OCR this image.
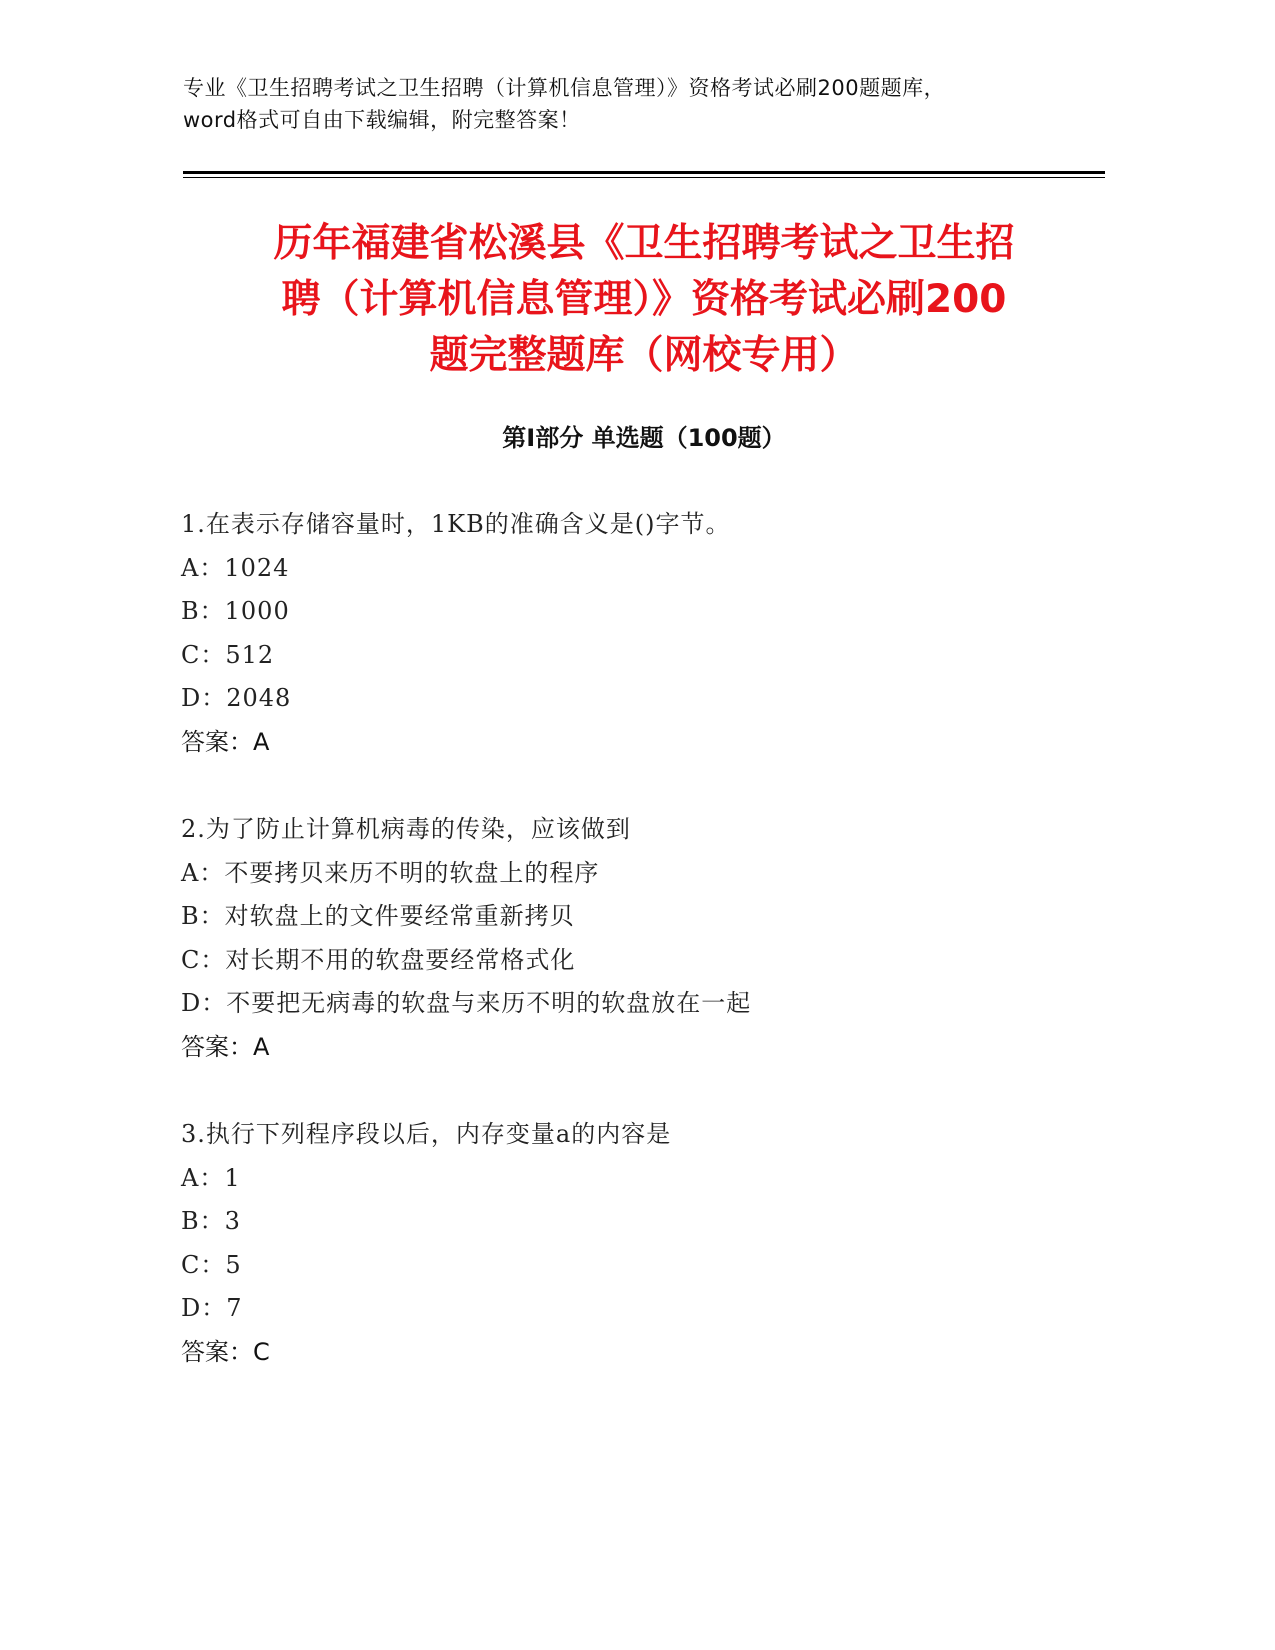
专业《卫生招聘考试之卫生招聘（计算机信息管理）》资格考试必刷200题题库，
word格式可自由下载编辑，附完整答案！
历年福建省松溪县《卫生招聘考试之卫生招
聘（计算机信息管理）》资格考试必刷200
题完整题库（网校专用）
第I部分 单选题（100题）
1.在表示存储容量时，1KB的准确含义是()字节。
A：1024
B：1000
C：512
D：2048
答案：A
2.为了防止计算机病毒的传染，应该做到
A：不要拷贝来历不明的软盘上的程序
B：对软盘上的文件要经常重新拷贝
C：对长期不用的软盘要经常格式化
D：不要把无病毒的软盘与来历不明的软盘放在一起
答案：A
3.执行下列程序段以后，内存变量a的内容是
A：1
B：3
C：5
D：7
答案：C
